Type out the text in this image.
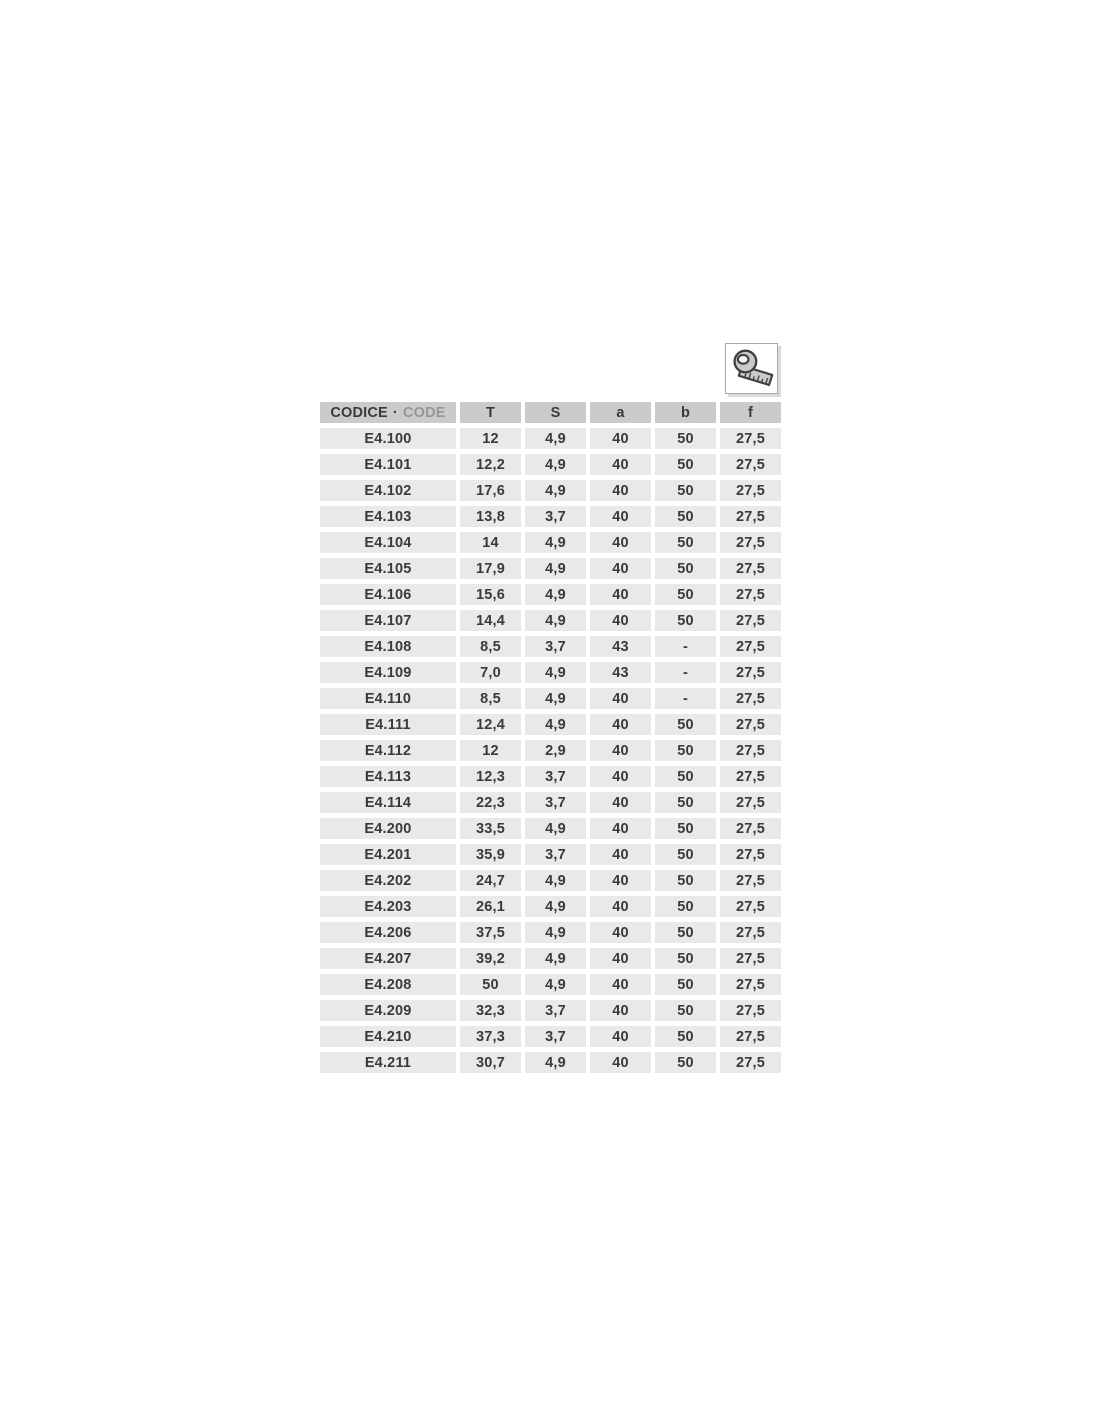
CODICE · CODE	T	S	a	b	f
E4.100	12	4,9	40	50	27,5
E4.101	12,2	4,9	40	50	27,5
E4.102	17,6	4,9	40	50	27,5
E4.103	13,8	3,7	40	50	27,5
E4.104	14	4,9	40	50	27,5
E4.105	17,9	4,9	40	50	27,5
E4.106	15,6	4,9	40	50	27,5
E4.107	14,4	4,9	40	50	27,5
E4.108	8,5	3,7	43	-	27,5
E4.109	7,0	4,9	43	-	27,5
E4.110	8,5	4,9	40	-	27,5
E4.111	12,4	4,9	40	50	27,5
E4.112	12	2,9	40	50	27,5
E4.113	12,3	3,7	40	50	27,5
E4.114	22,3	3,7	40	50	27,5
E4.200	33,5	4,9	40	50	27,5
E4.201	35,9	3,7	40	50	27,5
E4.202	24,7	4,9	40	50	27,5
E4.203	26,1	4,9	40	50	27,5
E4.206	37,5	4,9	40	50	27,5
E4.207	39,2	4,9	40	50	27,5
E4.208	50	4,9	40	50	27,5
E4.209	32,3	3,7	40	50	27,5
E4.210	37,3	3,7	40	50	27,5
E4.211	30,7	4,9	40	50	27,5
